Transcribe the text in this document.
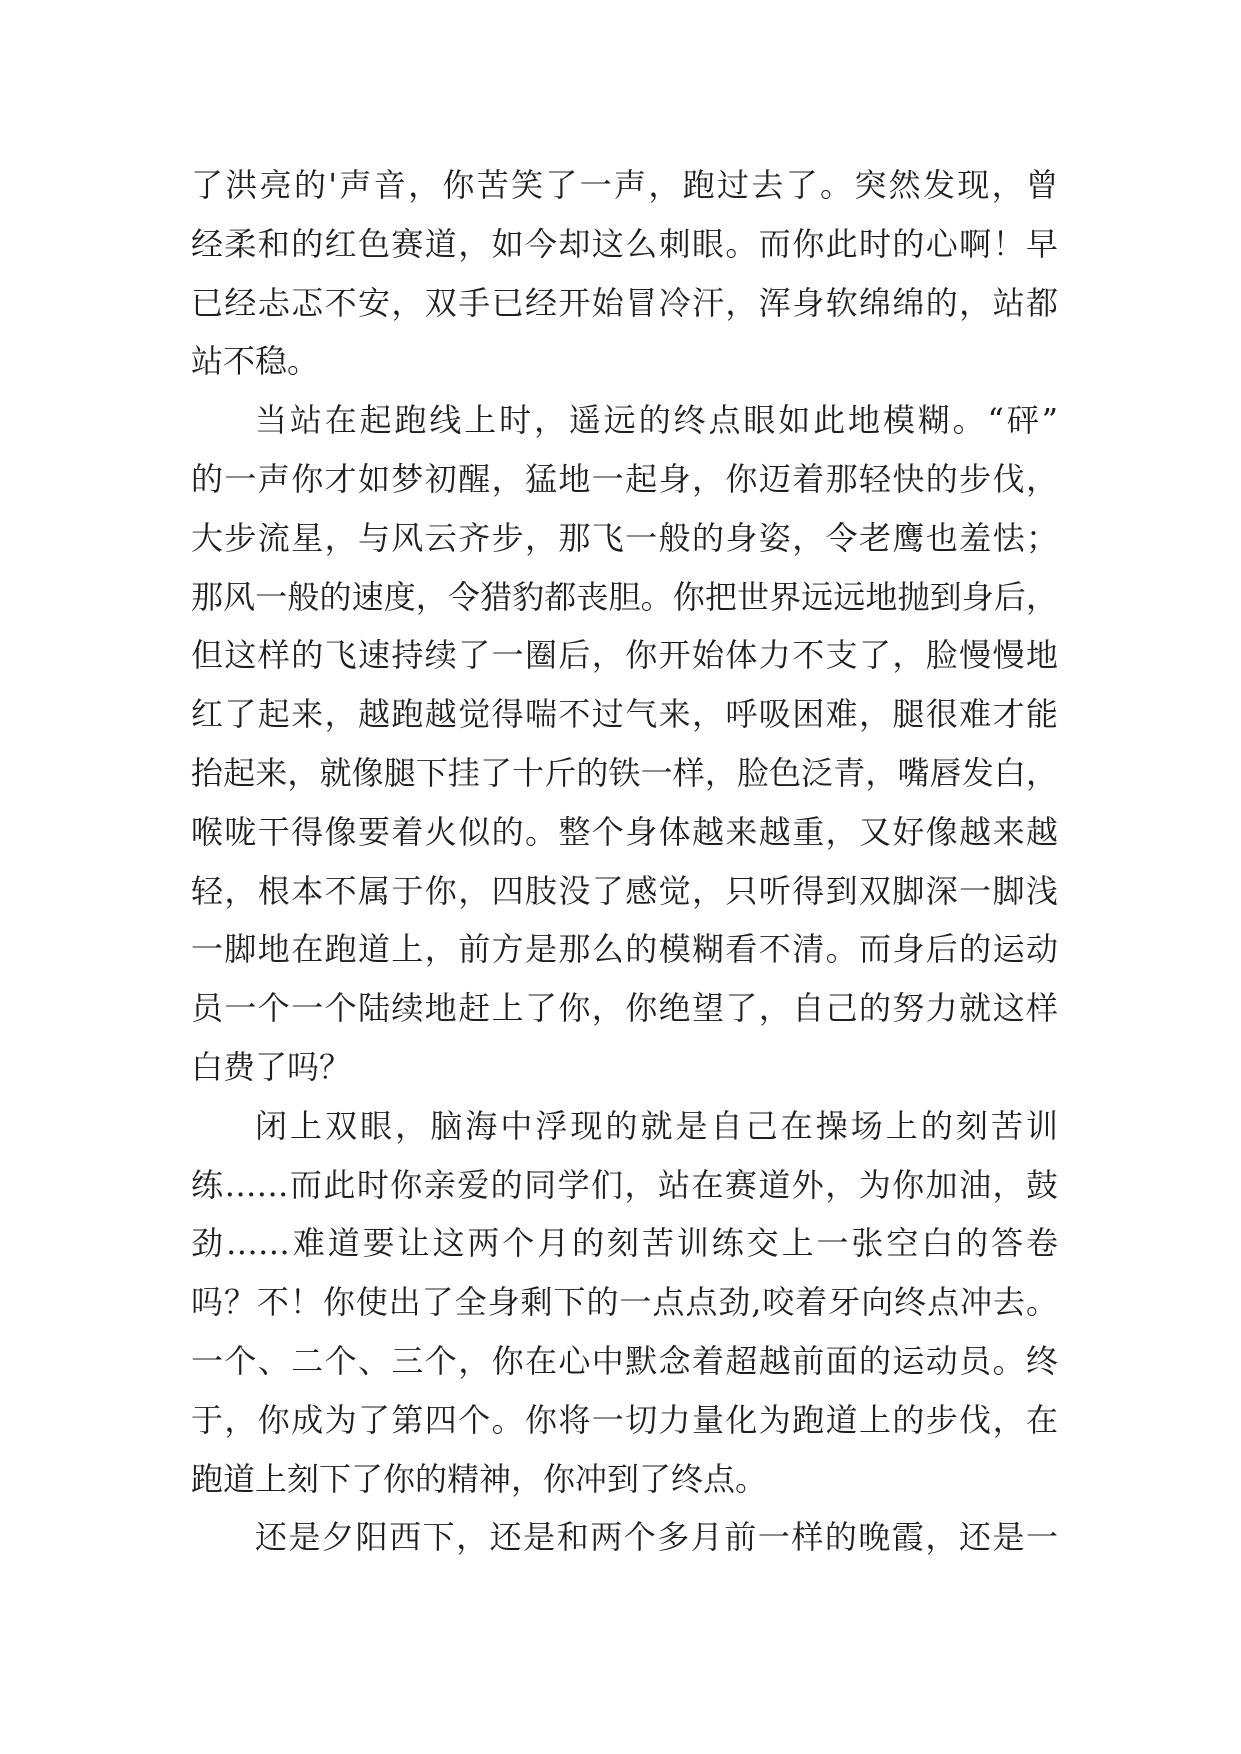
了洪亮的'声音，你苦笑了一声，跑过去了。突然发现，曾
经柔和的红色赛道，如今却这么刺眼。而你此时的心啊！早
已经忐忑不安，双手已经开始冒冷汗，浑身软绵绵的，站都
站不稳。
当站在起跑线上时，遥远的终点眼如此地模糊。“砰”
的一声你才如梦初醒，猛地一起身，你迈着那轻快的步伐，
大步流星，与风云齐步，那飞一般的身姿，令老鹰也羞怯；
那风一般的速度，令猎豹都丧胆。你把世界远远地抛到身后，
但这样的飞速持续了一圈后，你开始体力不支了，脸慢慢地
红了起来，越跑越觉得喘不过气来，呼吸困难，腿很难才能
抬起来，就像腿下挂了十斤的铁一样，脸色泛青，嘴唇发白，
喉咙干得像要着火似的。整个身体越来越重，又好像越来越
轻，根本不属于你，四肢没了感觉，只听得到双脚深一脚浅
一脚地在跑道上，前方是那么的模糊看不清。而身后的运动
员一个一个陆续地赶上了你，你绝望了，自己的努力就这样
白费了吗？
闭上双眼，脑海中浮现的就是自己在操场上的刻苦训
练……而此时你亲爱的同学们，站在赛道外，为你加油，鼓
劲……难道要让这两个月的刻苦训练交上一张空白的答卷
吗？不！你使出了全身剩下的一点点劲,咬着牙向终点冲去。
一个、二个、三个，你在心中默念着超越前面的运动员。终
于，你成为了第四个。你将一切力量化为跑道上的步伐，在
跑道上刻下了你的精神，你冲到了终点。
还是夕阳西下，还是和两个多月前一样的晚霞，还是一
